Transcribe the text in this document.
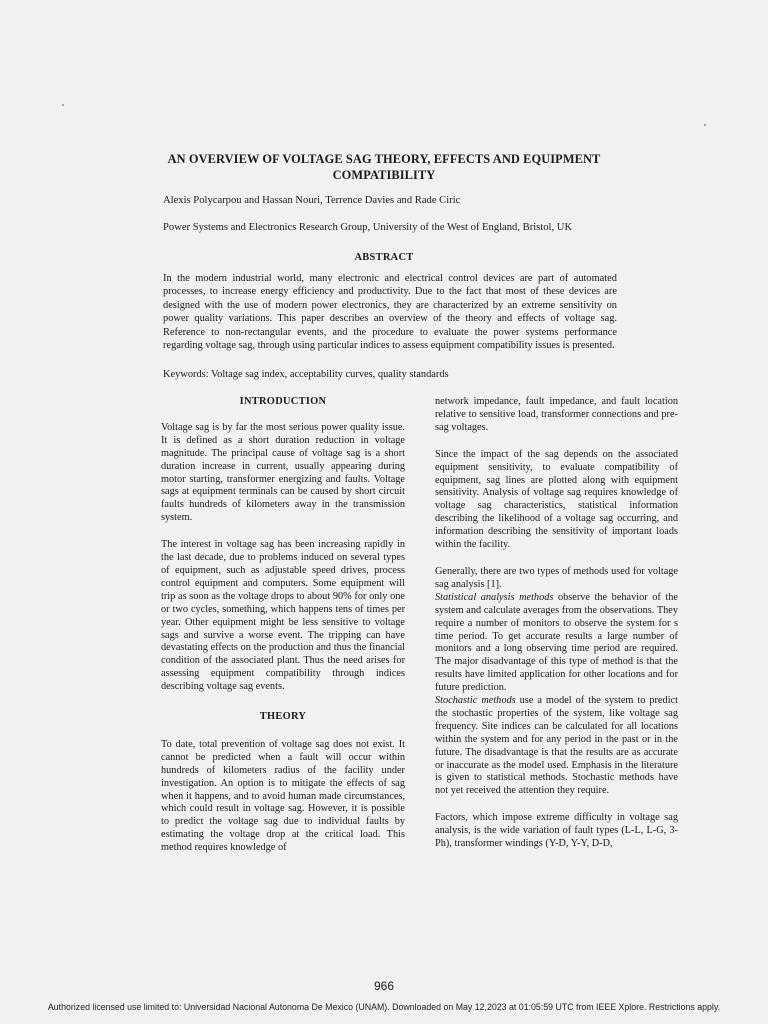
AN OVERVIEW OF VOLTAGE SAG THEORY, EFFECTS AND EQUIPMENT COMPATIBILITY
Alexis Polycarpou and Hassan Nouri, Terrence Davies and Rade Ciric
Power Systems and Electronics Research Group, University of the West of England, Bristol, UK
ABSTRACT

In the modern industrial world, many electronic and electrical control devices are part of automated processes, to increase energy efficiency and productivity. Due to the fact that most of these devices are designed with the use of modern power electronics, they are characterized by an extreme sensitivity on power quality variations. This paper describes an overview of the theory and effects of voltage sag. Reference to non-rectangular events, and the procedure to evaluate the power systems performance regarding voltage sag, through using particular indices to assess equipment compatibility issues is presented.

Keywords: Voltage sag index, acceptability curves, quality standards
INTRODUCTION

Voltage sag is by far the most serious power quality issue. It is defined as a short duration reduction in voltage magnitude. The principal cause of voltage sag is a short duration increase in current, usually appearing during motor starting, transformer energizing and faults. Voltage sags at equipment terminals can be caused by short circuit faults hundreds of kilometers away in the transmission system.

The interest in voltage sag has been increasing rapidly in the last decade, due to problems induced on several types of equipment, such as adjustable speed drives, process control equipment and computers. Some equipment will trip as soon as the voltage drops to about 90% for only one or two cycles, something, which happens tens of times per year. Other equipment might be less sensitive to voltage sags and survive a worse event. The tripping can have devastating effects on the production and thus the financial condition of the associated plant. Thus the need arises for assessing equipment compatibility through indices describing voltage sag events.

THEORY

To date, total prevention of voltage sag does not exist. It cannot be predicted when a fault will occur within hundreds of kilometers radius of the facility under investigation. An option is to mitigate the effects of sag when it happens, and to avoid human made circumstances, which could result in voltage sag. However, it is possible to predict the voltage sag due to individual faults by estimating the voltage drop at the critical load. This method requires knowledge of

network impedance, fault impedance, and fault location relative to sensitive load, transformer connections and pre-sag voltages.

Since the impact of the sag depends on the associated equipment sensitivity, to evaluate compatibility of equipment, sag lines are plotted along with equipment sensitivity. Analysis of voltage sag requires knowledge of voltage sag characteristics, statistical information describing the likelihood of a voltage sag occurring, and information describing the sensitivity of important loads within the facility.

Generally, there are two types of methods used for voltage sag analysis [1].

Statistical analysis methods observe the behavior of the system and calculate averages from the observations. They require a number of monitors to observe the system for s time period. To get accurate results a large number of monitors and a long observing time period are required. The major disadvantage of this type of method is that the results have limited application for other locations and for future prediction.

Stochastic methods use a model of the system to predict the stochastic properties of the system, like voltage sag frequency. Site indices can be calculated for all locations within the system and for any period in the past or in the future. The disadvantage is that the results are as accurate or inaccurate as the model used. Emphasis in the literature is given to statistical methods. Stochastic methods have not yet received the attention they require.

Factors, which impose extreme difficulty in voltage sag analysis, is the wide variation of fault types (L-L, L-G, 3-Ph), transformer windings (Y-D, Y-Y, D-D,

966
Authorized licensed use limited to: Universidad Nacional Autonoma De Mexico (UNAM). Downloaded on May 12,2023 at 01:05:59 UTC from IEEE Xplore. Restrictions apply.
